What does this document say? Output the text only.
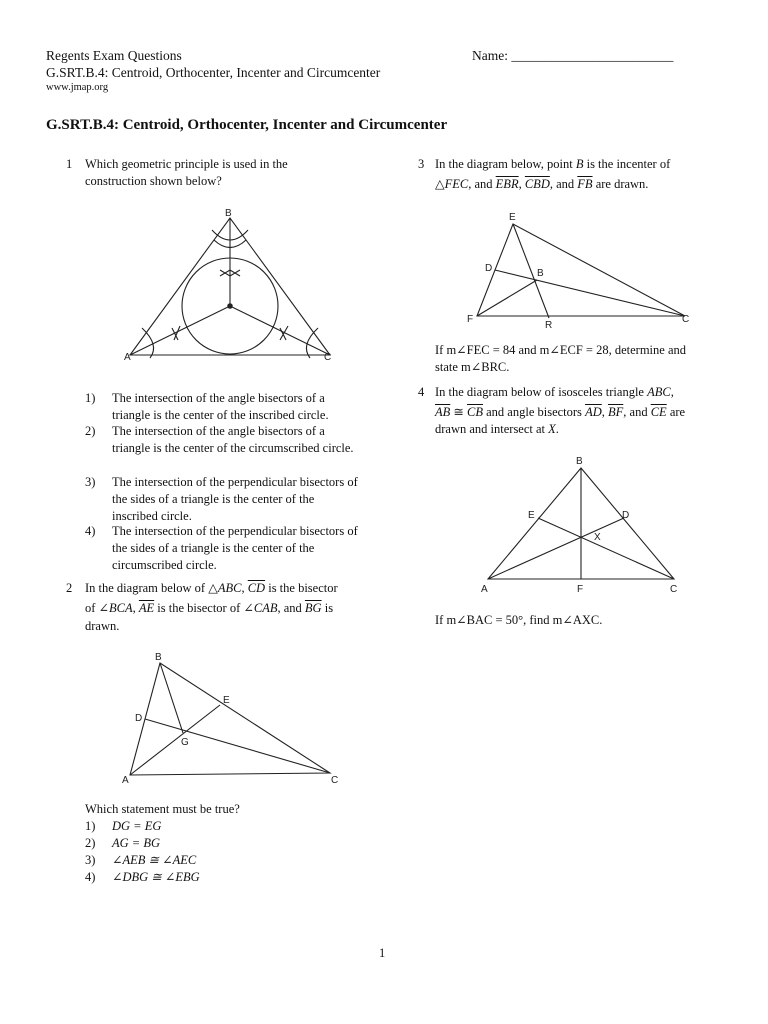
Regents Exam Questions
G.SRT.B.4: Centroid, Orthocenter, Incenter and Circumcenter
www.jmap.org
Name: ________________________
G.SRT.B.4: Centroid, Orthocenter, Incenter and Circumcenter
1 Which geometric principle is used in the
construction shown below?
B
A	C
1) The intersection of the angle bisectors of a triangle is the center of the inscribed circle.
2) The intersection of the angle bisectors of a triangle is the center of the circumscribed circle.
3) The intersection of the perpendicular bisectors of the sides of a triangle is the center of the inscribed circle.
4) The intersection of the perpendicular bisectors of the sides of a triangle is the center of the circumscribed circle.
2 In the diagram below of △ABC, $\overline{CD}$ is the bisector
of ∠BCA, $\overline{AE}$ is the bisector of ∠CAB, and $\overline{BG}$ is
drawn.
B
D
E
G
A	C
Which statement must be true?
1) DG = EG
2) AG = BG
3) ∠AEB ≅ ∠AEC
4) ∠DBG ≅ ∠EBG
3 In the diagram below, point B is the incenter of
△FEC, and $\overline{EBR}$, $\overline{CBD}$, and $\overline{FB}$ are drawn.
E
D	B
F
R
C
If m∠FEC = 84 and m∠ECF = 28, determine and
state m∠BRC.
4 In the diagram below of isosceles triangle ABC,
$\overline{AB}$ ≅ $\overline{CB}$ and angle bisectors $\overline{AD}$, $\overline{BF}$, and $\overline{CE}$ are
drawn and intersect at X.
B
E	D
X
A	F	C
If m∠BAC = 50°, find m∠AXC.
1
